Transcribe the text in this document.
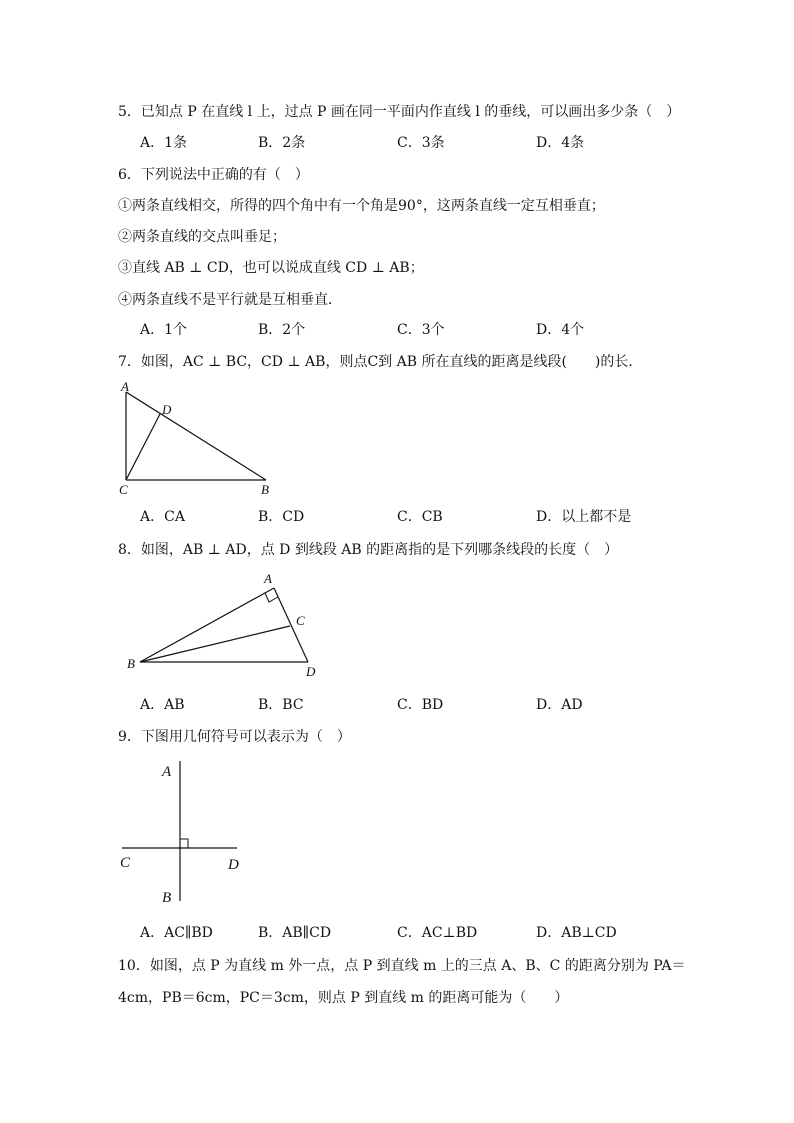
5．已知点 P 在直线 l 上，过点 P 画在同一平面内作直线 l 的垂线，可以画出多少条（　）
A．1条	B．2条	C．3条	D．4条
6．下列说法中正确的有（　）
①两条直线相交，所得的四个角中有一个角是90°，这两条直线一定互相垂直；
②两条直线的交点叫垂足；
③直线 AB ⊥ CD，也可以说成直线 CD ⊥ AB；
④两条直线不是平行就是互相垂直．
A．1个	B．2个	C．3个	D．4个
7．如图，AC ⊥ BC，CD ⊥ AB，则点C到 AB 所在直线的距离是线段(　　)的长．
A
D
C	B
A．CA	B．CD	C．CB	D．以上都不是
8．如图，AB ⊥ AD，点 D 到线段 AB 的距离指的是下列哪条线段的长度（　）
A
C
B
D
A．AB	B．BC	C．BD	D．AD
9．下图用几何符号可以表示为（　）
A
C	D
B
A．AC∥BD	B．AB∥CD	C．AC⊥BD	D．AB⊥CD
10．如图，点 P 为直线 m 外一点，点 P 到直线 m 上的三点 A、B、C 的距离分别为 PA＝
4cm，PB＝6cm，PC＝3cm，则点 P 到直线 m 的距离可能为（　　）
